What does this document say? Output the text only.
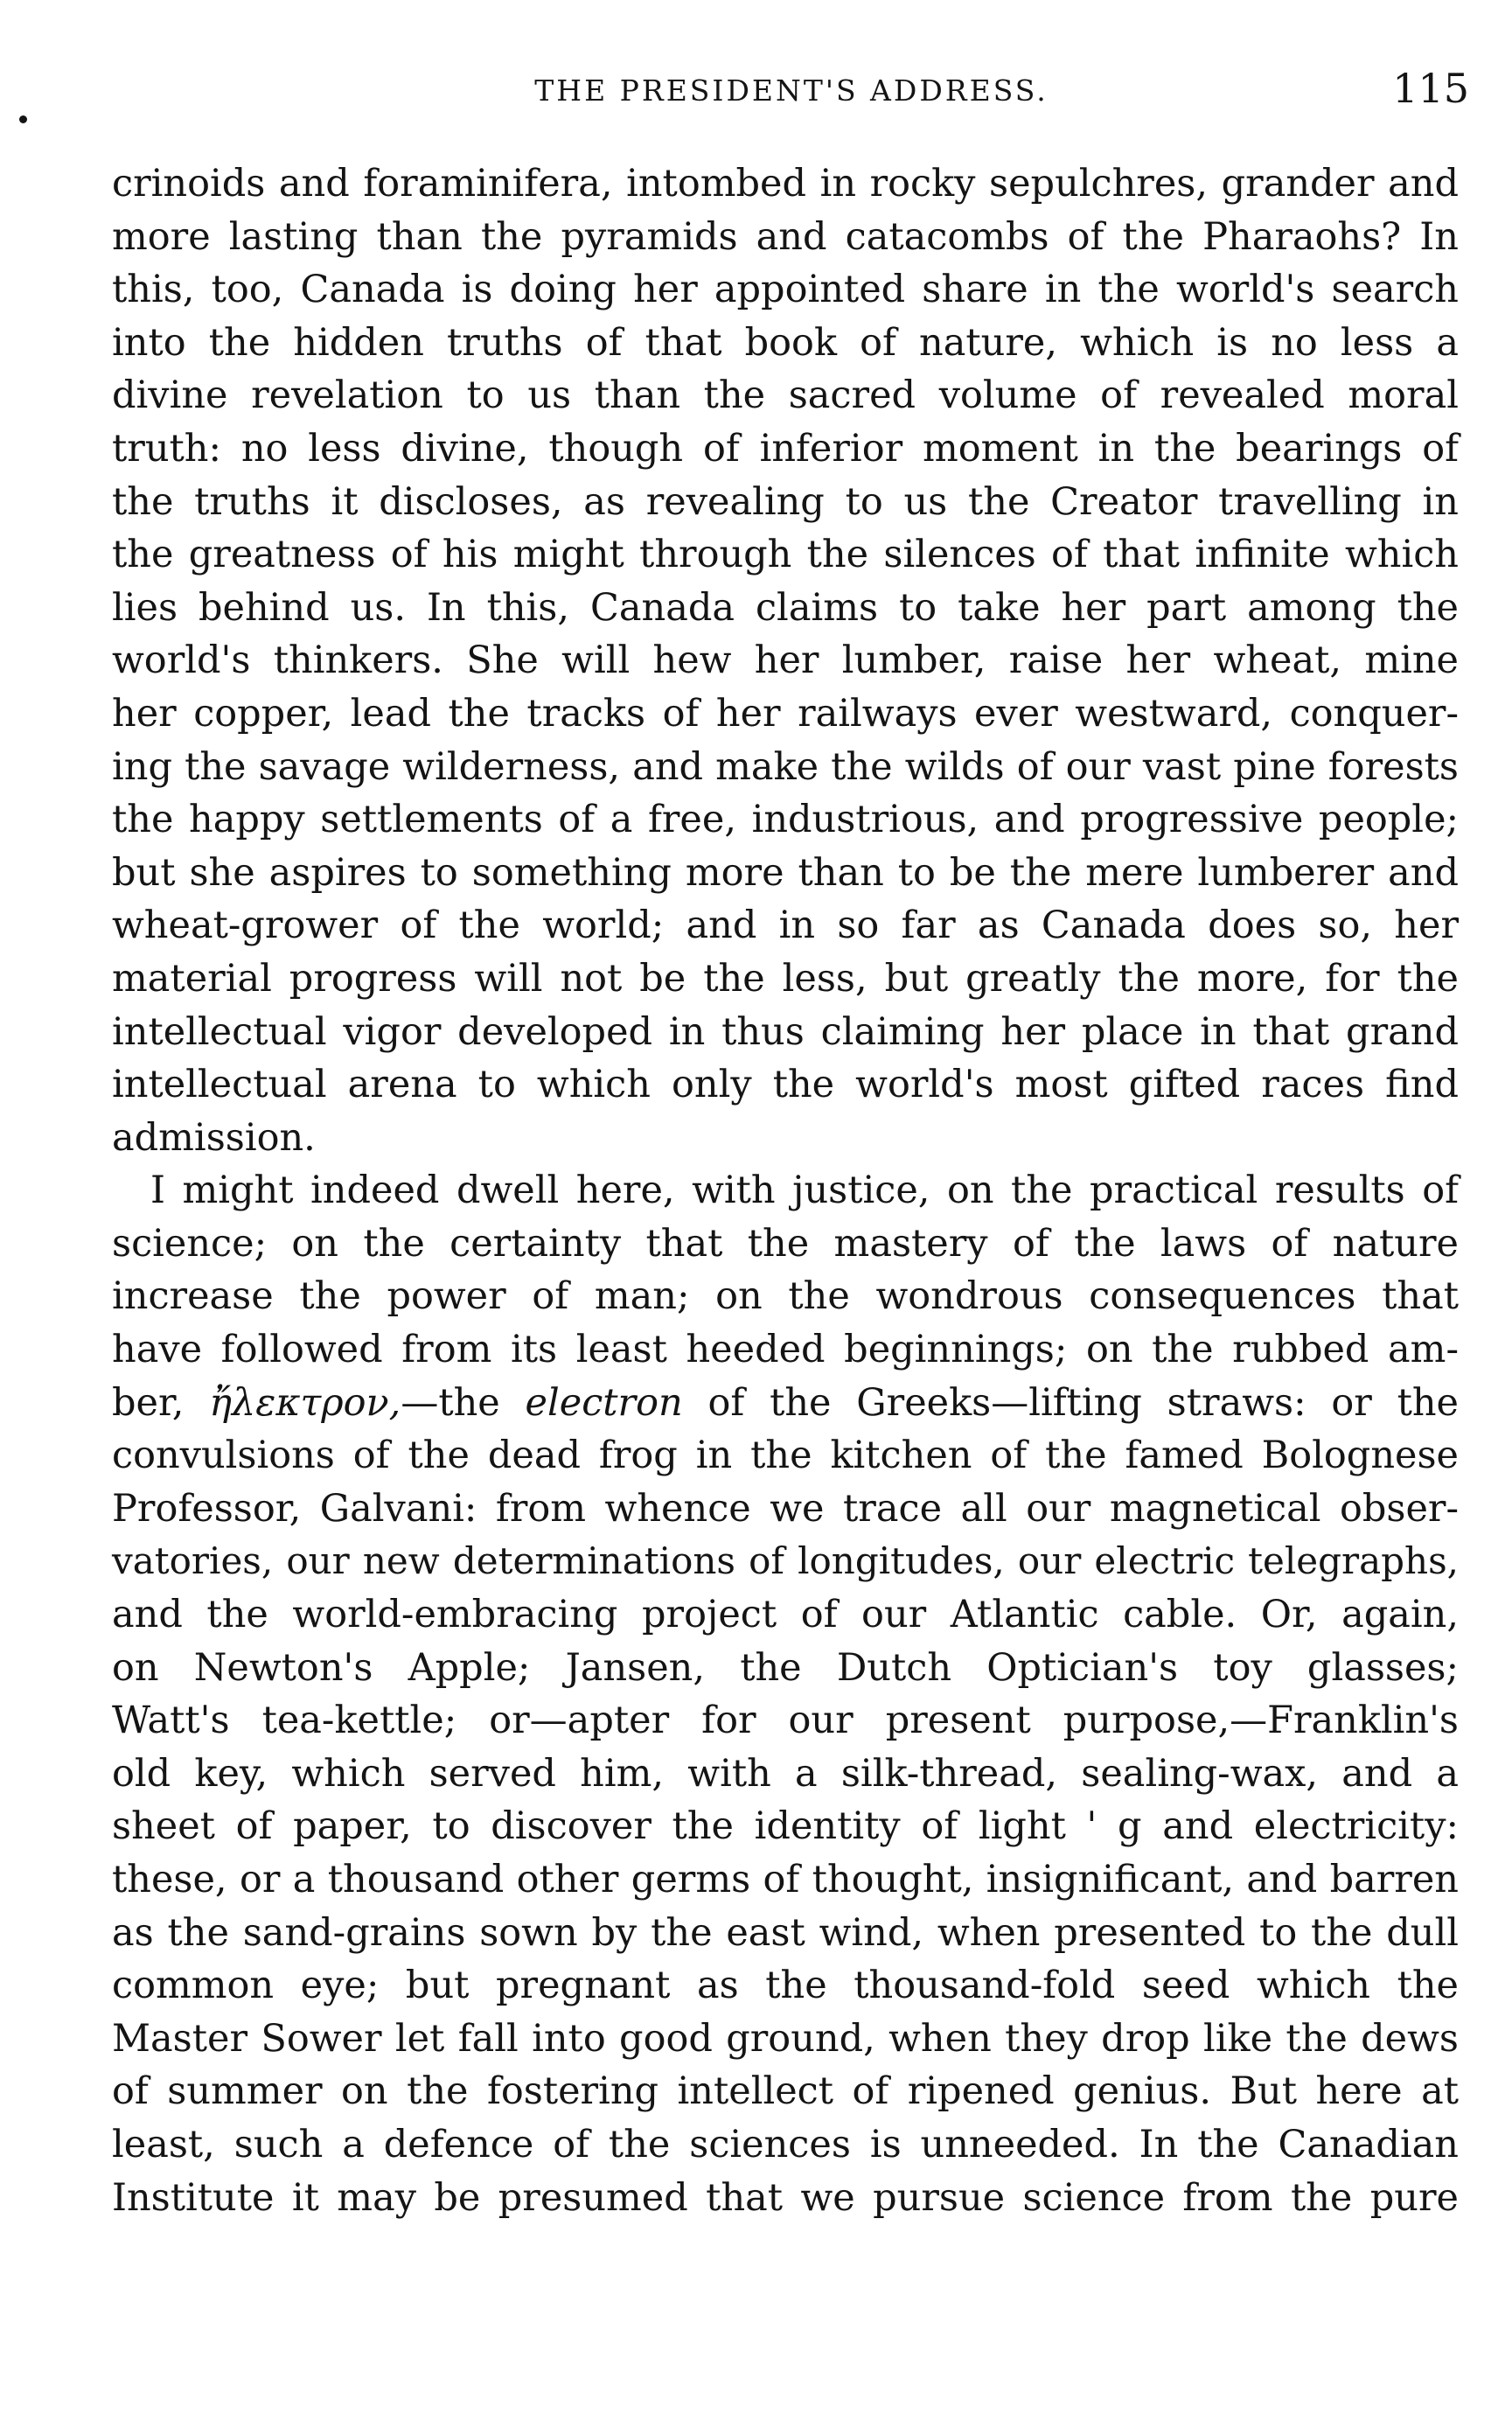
THE PRESIDENT'S ADDRESS.	115
crinoids and foraminifera, intombed in rocky sepulchres, grander and
more lasting than the pyramids and catacombs of the Pharaohs? In
this, too, Canada is doing her appointed share in the world's search
into the hidden truths of that book of nature, which is no less a
divine revelation to us than the sacred volume of revealed moral
truth: no less divine, though of inferior moment in the bearings of
the truths it discloses, as revealing to us the Creator travelling in
the greatness of his might through the silences of that infinite which
lies behind us. In this, Canada claims to take her part among the
world's thinkers. She will hew her lumber, raise her wheat, mine
her copper, lead the tracks of her railways ever westward, conquer-
ing the savage wilderness, and make the wilds of our vast pine forests
the happy settlements of a free, industrious, and progressive people;
but she aspires to something more than to be the mere lumberer and
wheat-grower of the world; and in so far as Canada does so, her
material progress will not be the less, but greatly the more, for the
intellectual vigor developed in thus claiming her place in that grand
intellectual arena to which only the world's most gifted races find
admission.
I might indeed dwell here, with justice, on the practical results of
science; on the certainty that the mastery of the laws of nature
increase the power of man; on the wondrous consequences that
have followed from its least heeded beginnings; on the rubbed am-
ber, ἤλεκτρον,—the electron of the Greeks—lifting straws: or the
convulsions of the dead frog in the kitchen of the famed Bolognese
Professor, Galvani: from whence we trace all our magnetical obser-
vatories, our new determinations of longitudes, our electric telegraphs,
and the world-embracing project of our Atlantic cable. Or, again,
on Newton's Apple; Jansen, the Dutch Optician's toy glasses;
Watt's tea-kettle; or—apter for our present purpose,—Franklin's
old key, which served him, with a silk-thread, sealing-wax, and a
sheet of paper, to discover the identity of light ' g and electricity:
these, or a thousand other germs of thought, insignificant, and barren
as the sand-grains sown by the east wind, when presented to the dull
common eye; but pregnant as the thousand-fold seed which the
Master Sower let fall into good ground, when they drop like the dews
of summer on the fostering intellect of ripened genius. But here at
least, such a defence of the sciences is unneeded. In the Canadian
Institute it may be presumed that we pursue science from the pure
